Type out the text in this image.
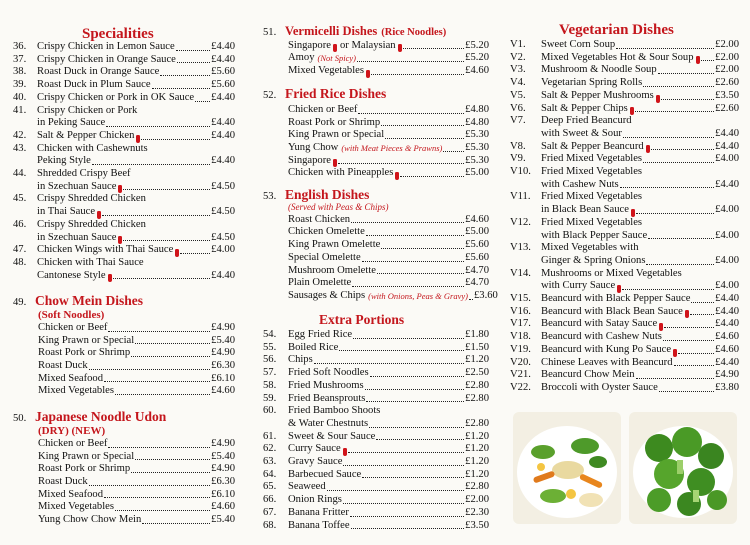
Specialities
36.	Crispy Chicken in Lemon Sauce	£4.40
37.	Crispy Chicken in Orange Sauce	£4.40
38.	Roast Duck in Orange Sauce	£5.60
39.	Roast Duck in Plum Sauce	£5.60
40.	Crispy Chicken or Pork in OK Sauce £4.40
41.	Crispy Chicken or Pork
in Peking Sauce	£4.40
42.	Salt & Pepper Chicken	£4.40
43.	Chicken with Cashewnuts
Peking Style	£4.40
44.	Shredded Crispy Beef
in Szechuan Sauce	£4.50
45.	Crispy Shredded Chicken
in Thai Sauce	£4.50
46.	Crispy Shredded Chicken
in Szechuan Sauce	£4.50
47.	Chicken Wings with Thai Sauce	£4.00
48.	Chicken with Thai Sauce
Cantonese Style	£4.40
49. Chow Mein Dishes
(Soft Noodles)
Chicken or Beef	£4.90
King Prawn or Special	£5.40
Roast Pork or Shrimp	£4.90
Roast Duck	£6.30
Mixed Seafood	£6.10
Mixed Vegetables	£4.60
50. Japanese Noodle Udon
(DRY) (NEW)
Chicken or Beef	£4.90
King Prawn or Special	£5.40
Roast Pork or Shrimp	£4.90
Roast Duck	£6.30
Mixed Seafood	£6.10
Mixed Vegetables	£4.60
Yung Chow Chow Mein	£5.40
51. Vermicelli Dishes (Rice Noodles)
Singapore or Malaysian	£5.20
Amoy (Not Spicy)	£5.20
Mixed Vegetables	£4.60
52. Fried Rice Dishes
Chicken or Beef	£4.80
Roast Pork or Shrimp	£4.80
King Prawn or Special	£5.30
Yung Chow (with Meat Pieces & Prawns) £5.30
Singapore	£5.30
Chicken with Pineapples	£5.00
53. English Dishes
(Served with Peas & Chips)
Roast Chicken	£4.60
Chicken Omelette	£5.00
King Prawn Omelette	£5.60
Special Omelette	£5.60
Mushroom Omelette	£4.70
Plain Omelette	£4.70
Sausages & Chips (with Onions, Peas & Gravy) £3.60
Extra Portions
54.	Egg Fried Rice	£1.80
55.	Boiled Rice	£1.50
56.	Chips	£1.20
57.	Fried Soft Noodles	£2.50
58.	Fried Mushrooms	£2.80
59.	Fried Beansprouts	£2.80
60.	Fried Bamboo Shoots
& Water Chestnuts	£2.80
61.	Sweet & Sour Sauce	£1.20
62.	Curry Sauce	£1.20
63.	Gravy Sauce	£1.20
64.	Barbecued Sauce	£1.20
65.	Seaweed	£2.80
66.	Onion Rings	£2.00
67.	Banana Fritter	£2.30
68.	Banana Toffee	£3.50
Vegetarian Dishes
V1.	Sweet Corn Soup	£2.00
V2.	Mixed Vegetables Hot & Sour Soup £2.00
V3.	Mushroom & Noodle Soup	£2.00
V4.	Vegetarian Spring Rolls	£2.60
V5.	Salt & Pepper Mushrooms	£3.50
V6.	Salt & Pepper Chips	£2.60
V7.	Deep Fried Beancurd
with Sweet & Sour	£4.40
V8.	Salt & Pepper Beancurd	£4.40
V9.	Fried Mixed Vegetables	£4.00
V10. Fried Mixed Vegetables
with Cashew Nuts	£4.40
V11. Fried Mixed Vegetables
in Black Bean Sauce	£4.00
V12. Fried Mixed Vegetables
with Black Pepper Sauce	£4.00
V13. Mixed Vegetables with
Ginger & Spring Onions	£4.00
V14. Mushrooms or Mixed Vegetables
with Curry Sauce	£4.00
V15. Beancurd with Black Pepper Sauce £4.40
V16. Beancurd with Black Bean Sauce	£4.40
V17. Beancurd with Satay Sauce	£4.40
V18. Beancurd with Cashew Nuts	£4.60
V19. Beancurd with Kung Po Sauce	£4.60
V20. Chinese Leaves with Beancurd	£4.40
V21. Beancurd Chow Mein	£4.90
V22. Broccoli with Oyster Sauce	£3.80
